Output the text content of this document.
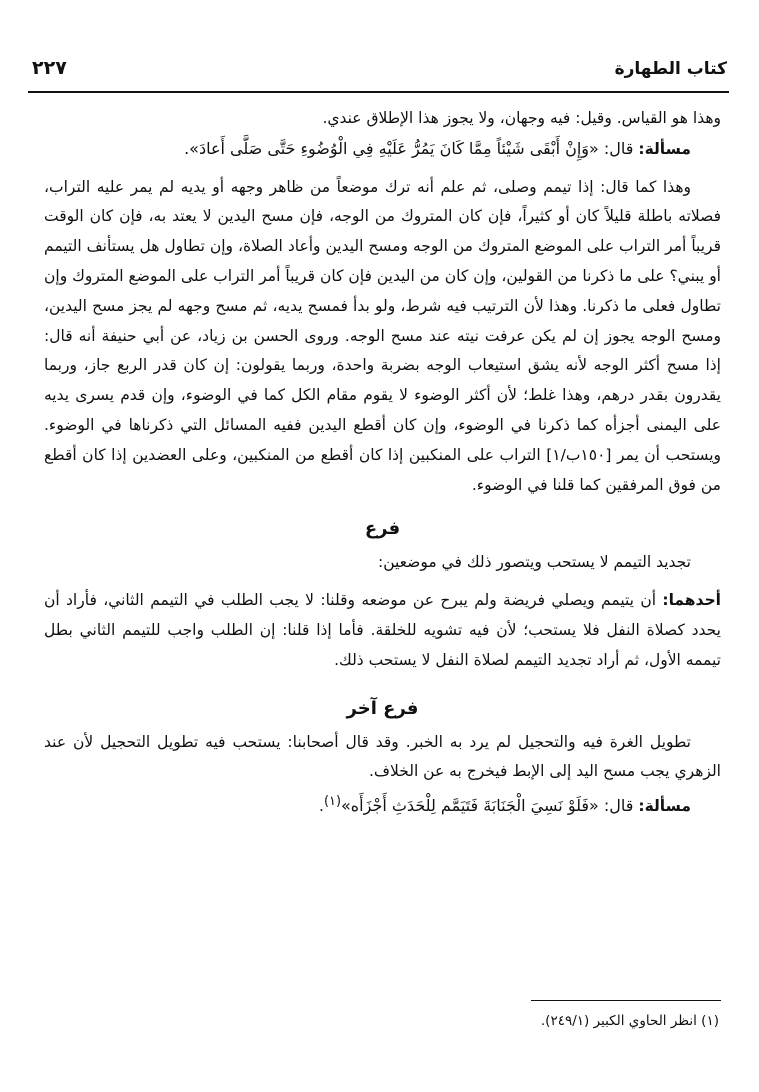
كتاب الطهارة
٢٢٧

وهذا هو القياس. وقيل: فيه وجهان، ولا يجوز هذا الإطلاق عندي.

مسألة: قال: «وَإِنْ أَبْقَى شَيْئاً مِمَّا كَانَ يَمُرُّ عَلَيْهِ فِي الْوُضُوءِ حَتَّى صَلَّى أَعادَ».

وهذا كما قال: إذا تيمم وصلى، ثم علم أنه ترك موضعاً من ظاهر وجهه أو يديه لم يمر عليه التراب، فصلاته باطلة قليلاً كان أو كثيراً، فإن كان المتروك من الوجه، فإن مسح اليدين لا يعتد به، فإن كان الوقت قريباً أمر التراب على الموضع المتروك من الوجه ومسح اليدين وأعاد الصلاة، وإن تطاول هل يستأنف التيمم أو يبني؟ على ما ذكرنا من القولين، وإن كان من اليدين فإن كان قريباً أمر التراب على الموضع المتروك وإن تطاول فعلى ما ذكرنا. وهذا لأن الترتيب فيه شرط، ولو بدأ فمسح يديه، ثم مسح وجهه لم يجز مسح اليدين، ومسح الوجه يجوز إن لم يكن عرفت نيته عند مسح الوجه. وروى الحسن بن زياد، عن أبي حنيفة أنه قال: إذا مسح أكثر الوجه لأنه يشق استيعاب الوجه بضربة واحدة، وربما يقولون: إن كان قدر الربع جاز، وربما يقدرون بقدر درهم، وهذا غلط؛ لأن أكثر الوضوء لا يقوم مقام الكل كما في الوضوء، وإن قدم يسرى يديه على اليمنى أجزأه كما ذكرنا في الوضوء، وإن كان أقطع اليدين ففيه المسائل التي ذكرناها في الوضوء. ويستحب أن يمر [١٥٠ب/١] التراب على المنكبين إذا كان أقطع من المنكبين، وعلى العضدين إذا كان أقطع من فوق المرفقين كما قلنا في الوضوء.

فرع

تجديد التيمم لا يستحب ويتصور ذلك في موضعين:

أحدهما: أن يتيمم ويصلي فريضة ولم يبرح عن موضعه وقلنا: لا يجب الطلب في التيمم الثاني، فأراد أن يحدد كصلاة النفل فلا يستحب؛ لأن فيه تشويه للخلقة. فأما إذا قلنا: إن الطلب واجب للتيمم الثاني بطل تيممه الأول، ثم أراد تجديد التيمم لصلاة النفل لا يستحب ذلك.

فرع آخر

تطويل الغرة فيه والتحجيل لم يرد به الخبر. وقد قال أصحابنا: يستحب فيه تطويل التحجيل لأن عند الزهري يجب مسح اليد إلى الإبط فيخرج به عن الخلاف.

مسألة: قال: «فَلَوْ نَسِيَ الْجَنَابَةَ فَتَيَمَّم لِلْحَدَثِ أَجْزَأَه»$^{(١)}$.

(١) انظر الحاوي الكبير (٢٤٩/١).
